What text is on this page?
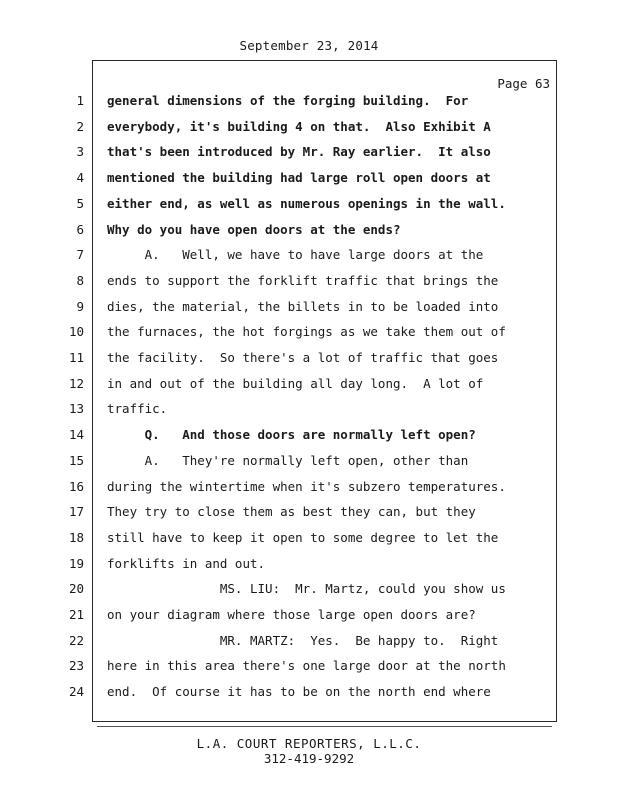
September 23, 2014
Page 63
1
2
3
4
5
6
7
8
9
10
11
12
13
14
15
16
17
18
19
20
21
22
23
24
general dimensions of the forging building.  For
everybody, it's building 4 on that.  Also Exhibit A
that's been introduced by Mr. Ray earlier.  It also
mentioned the building had large roll open doors at
either end, as well as numerous openings in the wall.
Why do you have open doors at the ends?
A.   Well, we have to have large doors at the
ends to support the forklift traffic that brings the
dies, the material, the billets in to be loaded into
the furnaces, the hot forgings as we take them out of
the facility.  So there's a lot of traffic that goes
in and out of the building all day long.  A lot of
traffic.
Q.   And those doors are normally left open?
A.   They're normally left open, other than
during the wintertime when it's subzero temperatures.
They try to close them as best they can, but they
still have to keep it open to some degree to let the
forklifts in and out.
MS. LIU:  Mr. Martz, could you show us
on your diagram where those large open doors are?
MR. MARTZ:  Yes.  Be happy to.  Right
here in this area there's one large door at the north
end.  Of course it has to be on the north end where
L.A. COURT REPORTERS, L.L.C.
312-419-9292
